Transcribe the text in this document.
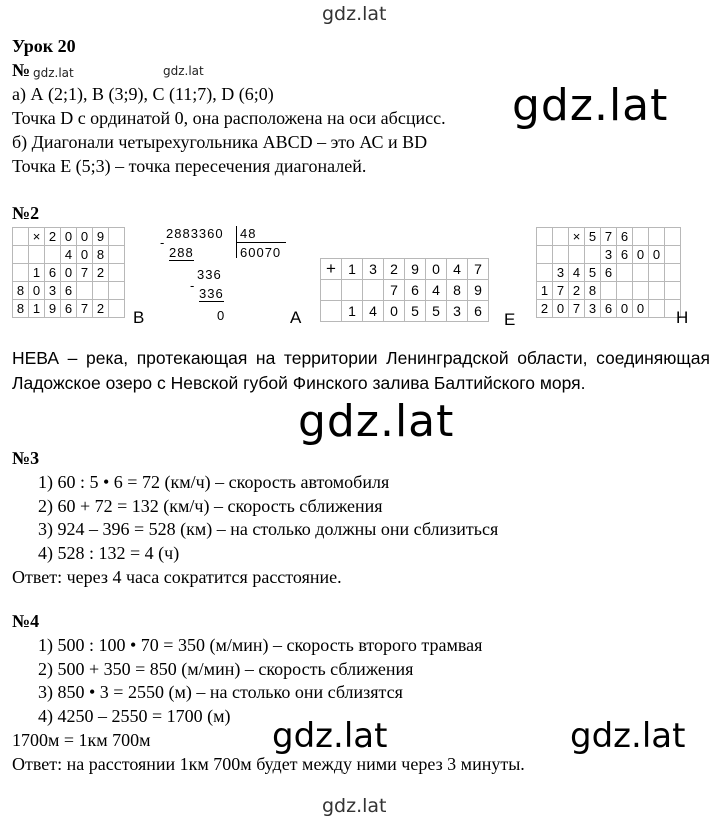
gdz.lat
Урок 20
№ gdz.lat	gdz.lat
а) А (2;1), В (3;9), С (11;7), D (6;0)
Точка D с ординатой 0, она расположена на оси абсцисс.
б) Диагонали четырехугольника ABCD – это АС и BD
Точка Е (5;3) – точка пересечения диагоналей.
gdz.lat
№2
	×	2	0	0	9	
			4	0	8	
	1	6	0	7	2	
8	0	3	6			
8	1	9	6	7	2	В
2883360 48
60070
-
288
336
-
336
0	А
+	1	3	2	9	0	4	7
			7	6	4	8	9
	1	4	0	5	5	3	6 Е
		×	5	7	6			
				3	6	0	0	
	3	4	5	6				
1	7	2	8					
2	0	7	3	6	0	0		Н
НЕВА – река, протекающая на территории Ленинградской области, соединяющая Ладожское озеро с Невской губой Финского залива Балтийского моря.
gdz.lat
№3
1) 60 : 5 • 6 = 72 (км/ч) – скорость автомобиля
2) 60 + 72 = 132 (км/ч) – скорость сближения
3) 924 – 396 = 528 (км) – на столько должны они сблизиться
4) 528 : 132 = 4 (ч)
Ответ: через 4 часа сократится расстояние.
№4
1) 500 : 100 • 70 = 350 (м/мин) – скорость второго трамвая
2) 500 + 350 = 850 (м/мин) – скорость сближения
3) 850 • 3 = 2550 (м) – на столько они сблизятся
4) 4250 – 2550 = 1700 (м)
1700м = 1км 700м
Ответ: на расстоянии 1км 700м будет между ними через 3 минуты.
gdz.lat	gdz.lat
gdz.lat
